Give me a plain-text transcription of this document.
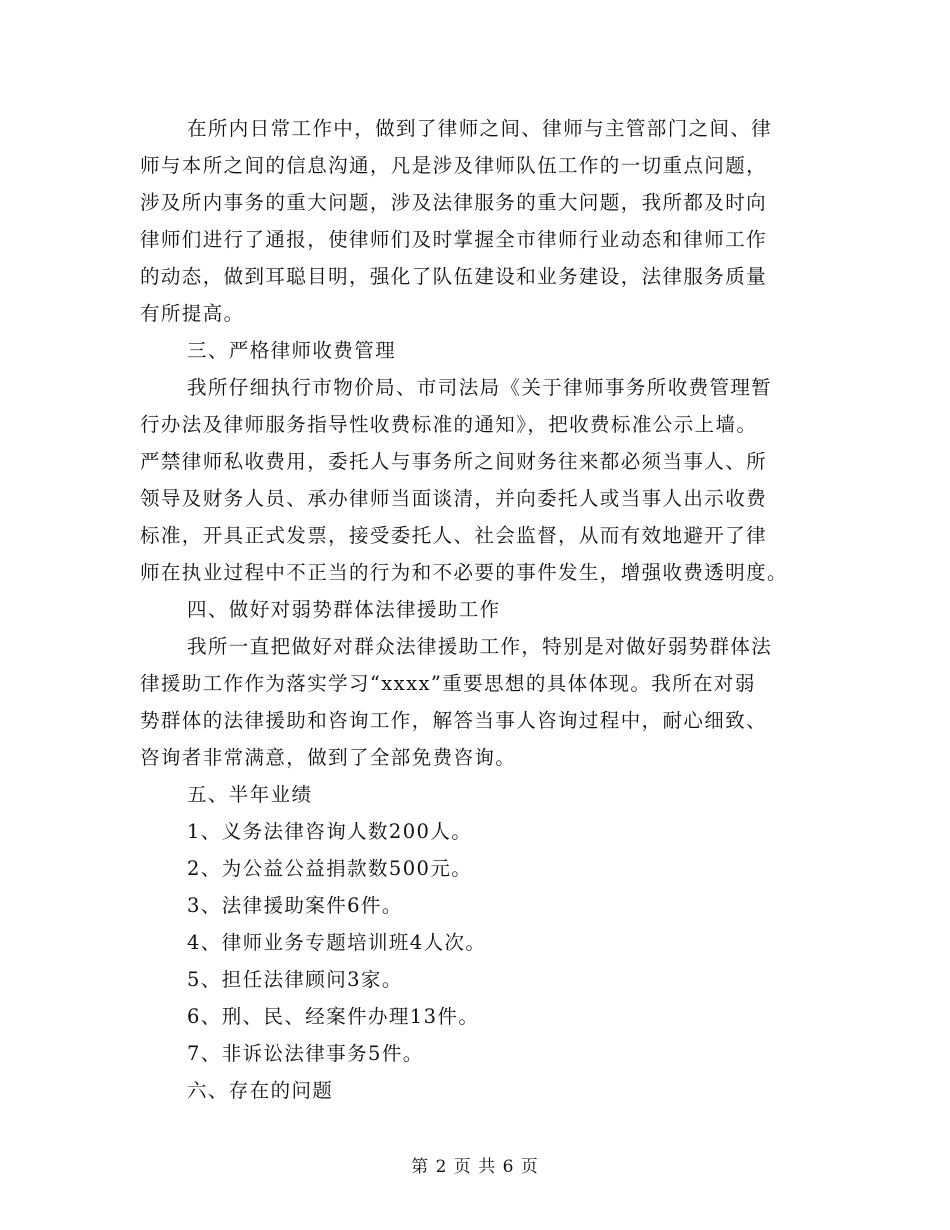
在所内日常工作中，做到了律师之间、律师与主管部门之间、律
师与本所之间的信息沟通，凡是涉及律师队伍工作的一切重点问题，
涉及所内事务的重大问题，涉及法律服务的重大问题，我所都及时向
律师们进行了通报，使律师们及时掌握全市律师行业动态和律师工作
的动态，做到耳聪目明，强化了队伍建设和业务建设，法律服务质量
有所提高。
三、严格律师收费管理
我所仔细执行市物价局、市司法局《关于律师事务所收费管理暂
行办法及律师服务指导性收费标准的通知》，把收费标准公示上墙。
严禁律师私收费用，委托人与事务所之间财务往来都必须当事人、所
领导及财务人员、承办律师当面谈清，并向委托人或当事人出示收费
标准，开具正式发票，接受委托人、社会监督，从而有效地避开了律
师在执业过程中不正当的行为和不必要的事件发生，增强收费透明度。
四、做好对弱势群体法律援助工作
我所一直把做好对群众法律援助工作，特别是对做好弱势群体法
律援助工作作为落实学习“xxxx”重要思想的具体体现。我所在对弱
势群体的法律援助和咨询工作，解答当事人咨询过程中，耐心细致、
咨询者非常满意，做到了全部免费咨询。
五、半年业绩
1、义务法律咨询人数200人。
2、为公益公益捐款数500元。
3、法律援助案件6件。
4、律师业务专题培训班4人次。
5、担任法律顾问3家。
6、刑、民、经案件办理13件。
7、非诉讼法律事务5件。
六、存在的问题
第 2 页 共 6 页
